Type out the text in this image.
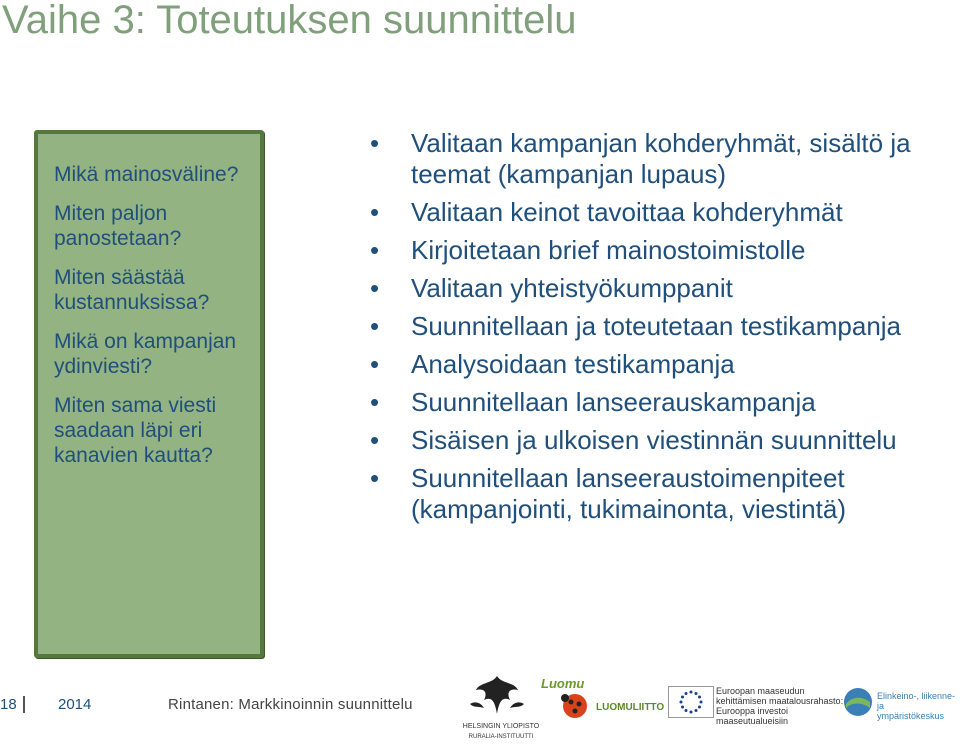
Vaihe 3: Toteutuksen suunnittelu
Mikä mainosväline?
Miten paljon panostetaan?
Miten säästää kustannuksissa?
Mikä on kampanjan ydinviesti?
Miten sama viesti saadaan läpi eri kanavien kautta?
• Valitaan kampanjan kohderyhmät, sisältö ja teemat (kampanjan lupaus)
• Valitaan keinot tavoittaa kohderyhmät
• Kirjoitetaan brief mainostoimistolle
• Valitaan yhteistyökumppanit
• Suunnitellaan ja toteutetaan testikampanja
• Analysoidaan testikampanja
• Suunnitellaan lanseerauskampanja
• Sisäisen ja ulkoisen viestinnän suunnittelu
• Suunnitellaan lanseeraustoimenpiteet (kampanjointi, tukimainonta, viestintä)
18	2014	Rintanen: Markkinoinnin suunnittelu
HELSINGIN YLIOPISTO
RURALIA-INSTITUUTTI
Luomu
LUOMULIITTO
Euroopan maaseudun
kehittämisen maatalousrahasto:
Eurooppa investoi maaseutualueisiin
Elinkeino-, liikenne- ja
ympäristökeskus
